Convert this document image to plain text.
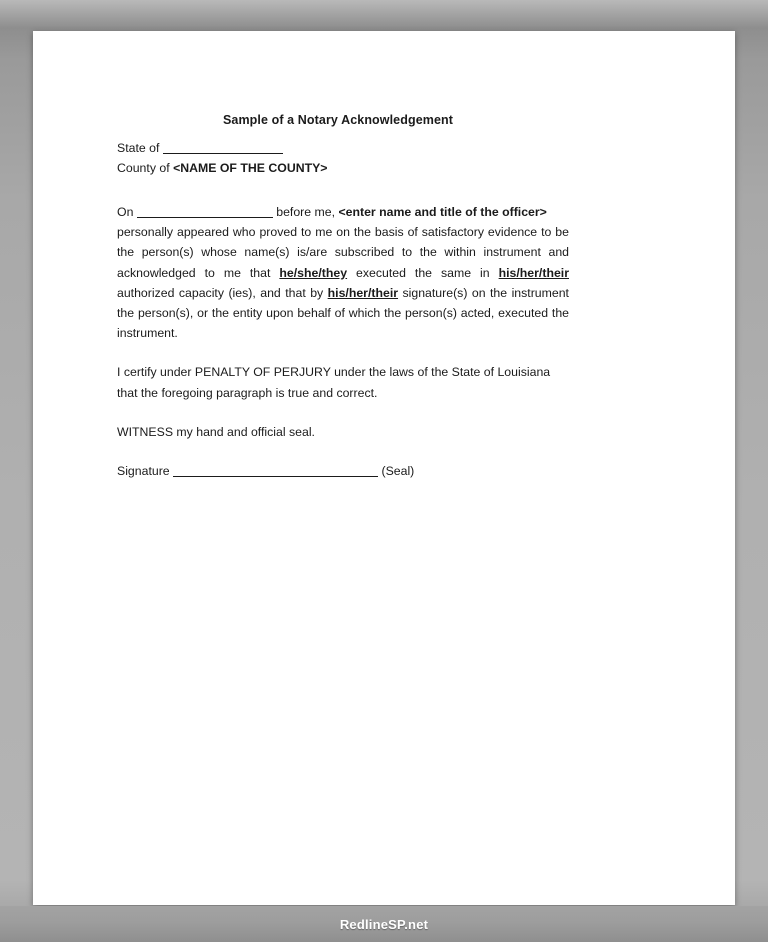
Sample of a Notary Acknowledgement
State of
County of <NAME OF THE COUNTY>
On	before me, <enter name and title of the officer>

personally appeared who proved to me on the basis of satisfactory evidence to be the person(s) whose name(s) is/are subscribed to the within instrument and acknowledged to me that he/she/they executed the same in his/her/their authorized capacity (ies), and that by his/her/their signature(s) on the instrument the person(s), or the entity upon behalf of which the person(s) acted, executed the instrument.

I certify under PENALTY OF PERJURY under the laws of the State of Louisiana that the foregoing paragraph is true and correct.

WITNESS my hand and official seal.

Signature	(Seal)
RedlineSP.net
